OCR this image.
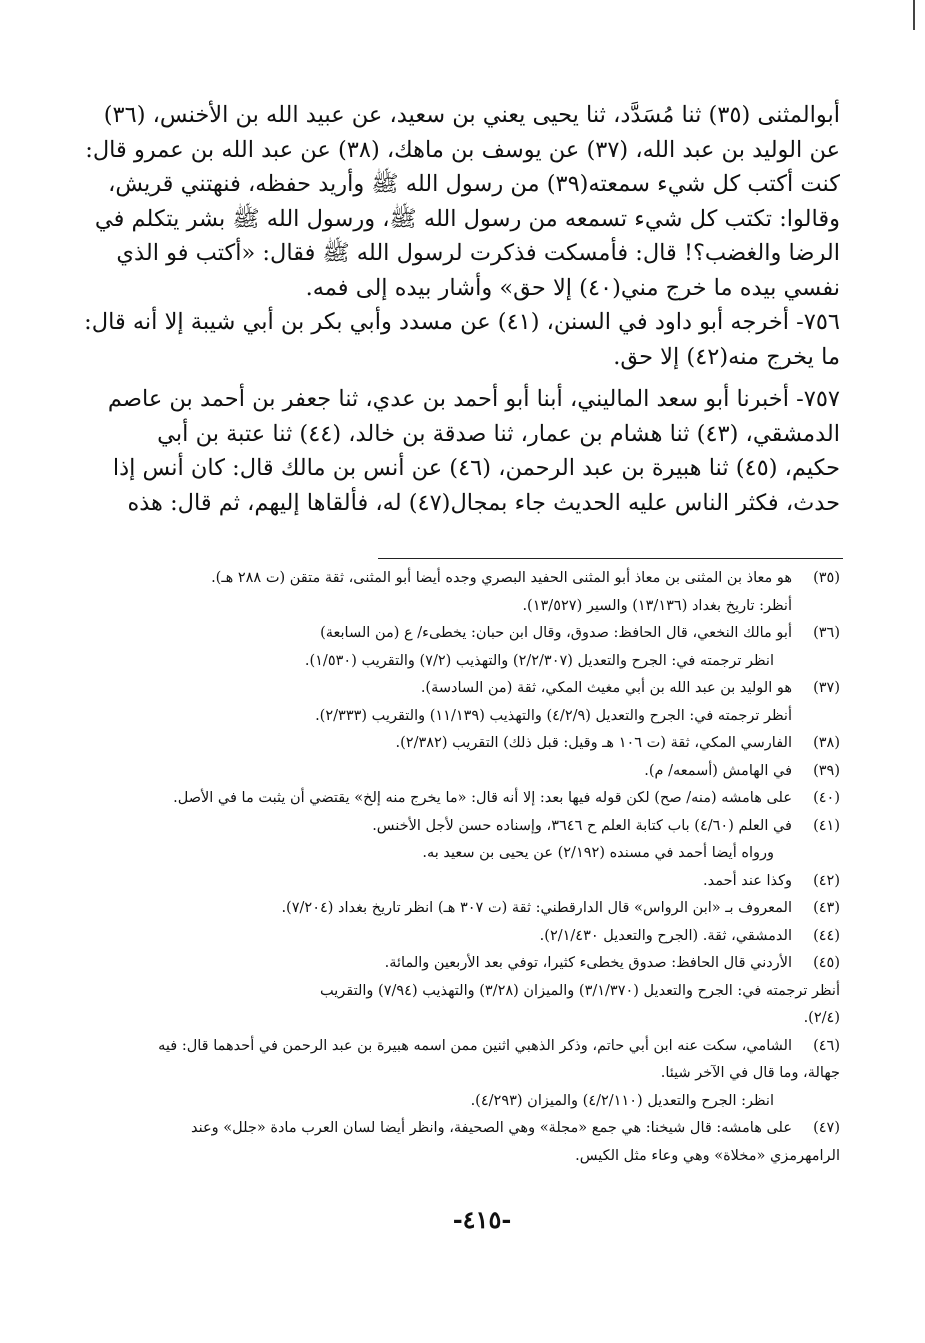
أبوالمثنى (٣٥) ثنا مُسَدَّد، ثنا يحيى يعني بن سعيد، عن عبيد الله بن الأخنس، (٣٦)
عن الوليد بن عبد الله، (٣٧) عن يوسف بن ماهك، (٣٨) عن عبد الله بن عمرو قال:
كنت أكتب كل شيء سمعته(٣٩) من رسول الله ﷺ وأريد حفظه، فنهتني قريش،
وقالوا: تكتب كل شيء تسمعه من رسول الله ﷺ، ورسول الله ﷺ بشر يتكلم في
الرضا والغضب؟! قال: فأمسكت فذكرت لرسول الله ﷺ فقال: «أكتب فو الذي
نفسي بيده ما خرج مني(٤٠) إلا حق» وأشار بيده إلى فمه.
٧٥٦- أخرجه أبو داود في السنن، (٤١) عن مسدد وأبي بكر بن أبي شيبة إلا أنه قال:
ما يخرج منه(٤٢) إلا حق.
٧٥٧- أخبرنا أبو سعد الماليني، أبنا أبو أحمد بن عدي، ثنا جعفر بن أحمد بن عاصم
الدمشقي، (٤٣) ثنا هشام بن عمار، ثنا صدقة بن خالد، (٤٤) ثنا عتبة بن أبي
حكيم، (٤٥) ثنا هبيرة بن عبد الرحمن، (٤٦) عن أنس بن مالك قال: كان أنس إذا
حدث، فكثر الناس عليه الحديث جاء بمجال(٤٧) له، فألقاها إليهم، ثم قال: هذه
(٣٥)
هو معاذ بن المثنى بن معاذ أبو المثنى الحفيد البصري وجده أيضا أبو المثنى، ثقة متقن (ت ٢٨٨ هـ).
أنظر: تاريخ بغداد (١٣/١٣٦) والسير (١٣/٥٢٧).
(٣٦)
أبو مالك النخعي، قال الحافظ: صدوق، وقال ابن حبان: يخطىء/ ع (من السابعة)
انظر ترجمته في: الجرح والتعديل (٢/٢/٣٠٧) والتهذيب (٧/٢) والتقريب (١/٥٣٠).
(٣٧)
هو الوليد بن عبد الله بن أبي مغيث المكي، ثقة (من السادسة).
أنظر ترجمته في: الجرح والتعديل (٤/٢/٩) والتهذيب (١١/١٣٩) والتقريب (٢/٣٣٣).
(٣٨)
الفارسي المكي، ثقة (ت ١٠٦ هـ وقيل: قبل ذلك) التقريب (٢/٣٨٢).
(٣٩)
في الهامش (أسمعه/ م).
(٤٠)
على هامشه (منه/ صح) لكن قوله فيها بعد: إلا أنه قال: «ما يخرج منه إلخ» يقتضي أن يثبت ما في الأصل.
(٤١)
في العلم (٤/٦٠) باب كتابة العلم ح ٣٦٤٦، وإسناده حسن لأجل الأخنس.
ورواه أيضا أحمد في مسنده (٢/١٩٢) عن يحيى بن سعيد به.
(٤٢)
وكذا عند أحمد.
(٤٣)
المعروف بـ «ابن الرواس» قال الدارقطني: ثقة (ت ٣٠٧ هـ) انظر تاريخ بغداد (٧/٢٠٤).
(٤٤)
الدمشقي، ثقة. (الجرح والتعديل ٢/١/٤٣٠).
(٤٥)
الأردني قال الحافظ: صدوق يخطىء كثيرا، توفي بعد الأربعين والمائة.
أنظر ترجمته في: الجرح والتعديل (٣/١/٣٧٠) والميزان (٣/٢٨) والتهذيب (٧/٩٤) والتقريب
(٢/٤).
(٤٦)
الشامي، سكت عنه ابن أبي حاتم، وذكر الذهبي اثنين ممن اسمه هبيرة بن عبد الرحمن في أحدهما قال: فيه
جهالة، وما قال في الآخر شيئا.
انظر: الجرح والتعديل (٤/٢/١١٠) والميزان (٤/٢٩٣).
(٤٧)
على هامشه: قال شيخنا: هي جمع «مجلة» وهي الصحيفة، وانظر أيضا لسان العرب مادة «جلل» وعند
الرامهرمزي «مخلاة» وهي وعاء مثل الكيس.
-٤١٥-
